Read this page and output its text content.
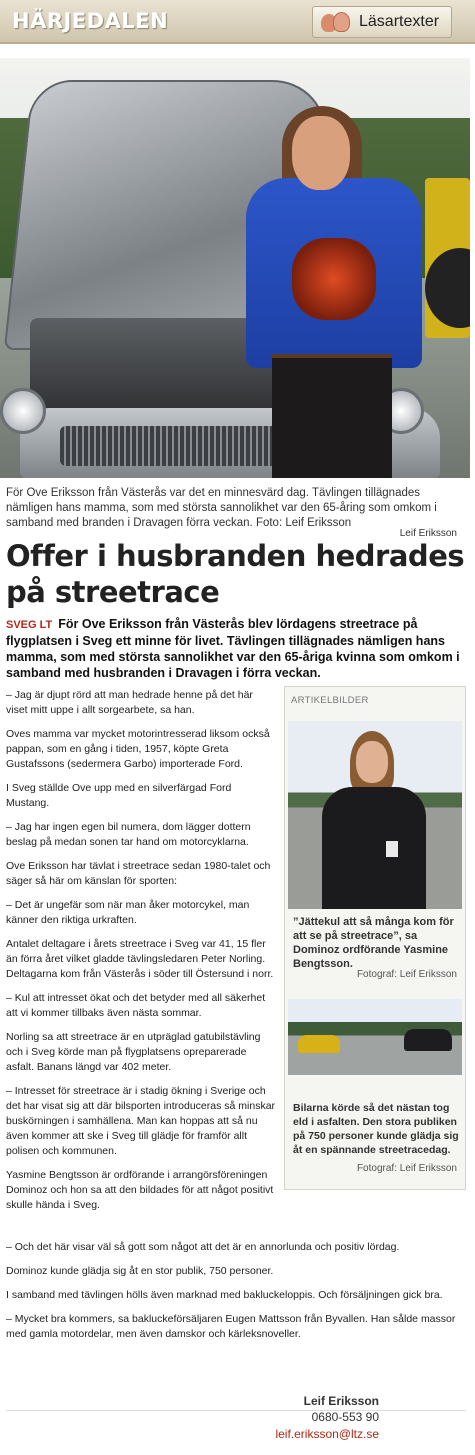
HÄRJEDALEN	Läsartexter
För Ove Eriksson från Västerås var det en minnesvärd dag. Tävlingen tillägnades nämligen hans mamma, som med största sannolikhet var den 65-åring som omkom i samband med branden i Dravagen förra veckan. Foto: Leif Eriksson
Leif Eriksson
Offer i husbranden hedrades på streetrace

SVEG LT För Ove Eriksson från Västerås blev lördagens streetrace på flygplatsen i Sveg ett minne för livet. Tävlingen tillägnades nämligen hans mamma, som med största sannolikhet var den 65-åriga kvinna som omkom i samband med husbranden i Dravagen i förra veckan.

– Jag är djupt rörd att man hedrade henne på det här viset mitt uppe i allt sorgearbete, sa han.

Oves mamma var mycket motorintresserad liksom också pappan, som en gång i tiden, 1957, köpte Greta Gustafssons (sedermera Garbo) importerade Ford.

I Sveg ställde Ove upp med en silverfärgad Ford Mustang.

– Jag har ingen egen bil numera, dom lägger dottern beslag på medan sonen tar hand om motorcyklarna.

Ove Eriksson har tävlat i streetrace sedan 1980-talet och säger så här om känslan för sporten:

– Det är ungefär som när man åker motorcykel, man känner den riktiga urkraften.

Antalet deltagare i årets streetrace i Sveg var 41, 15 fler än förra året vilket gladde tävlingsledaren Peter Norling. Deltagarna kom från Västerås i söder till Östersund i norr.

– Kul att intresset ökat och det betyder med all säkerhet att vi kommer tillbaks även nästa sommar.

Norling sa att streetrace är en utpräglad gatubilstävling och i Sveg körde man på flygplatsens opreparerade asfalt. Banans längd var 402 meter.

– Intresset för streetrace är i stadig ökning i Sverige och det har visat sig att där bilsporten introduceras så minskar buskörningen i samhällena. Man kan hoppas att så nu även kommer att ske i Sveg till glädje för framför allt polisen och kommunen.

Yasmine Bengtsson är ordförande i arrangörsföreningen Dominoz och hon sa att den bildades för att något positivt skulle hända i Sveg.

ARTIKELBILDER
”Jättekul att så många kom för att se på streetrace”, sa Dominoz ordförande Yasmine Bengtsson.
Fotograf: Leif Eriksson
Bilarna körde så det nästan tog eld i asfalten. Den stora publiken på 750 personer kunde glädja sig åt en spännande streetracedag.
Fotograf: Leif Eriksson

– Och det här visar väl så gott som något att det är en annorlunda och positiv lördag.

Dominoz kunde glädja sig åt en stor publik, 750 personer.

I samband med tävlingen hölls även marknad med bakluckeloppis. Och försäljningen gick bra.

– Mycket bra kommers, sa bakluckeförsäljaren Eugen Mattsson från Byvallen. Han sålde massor med gamla motordelar, men även damskor och kärleksnoveller.

Leif Eriksson
0680-553 90
leif.eriksson@ltz.se
